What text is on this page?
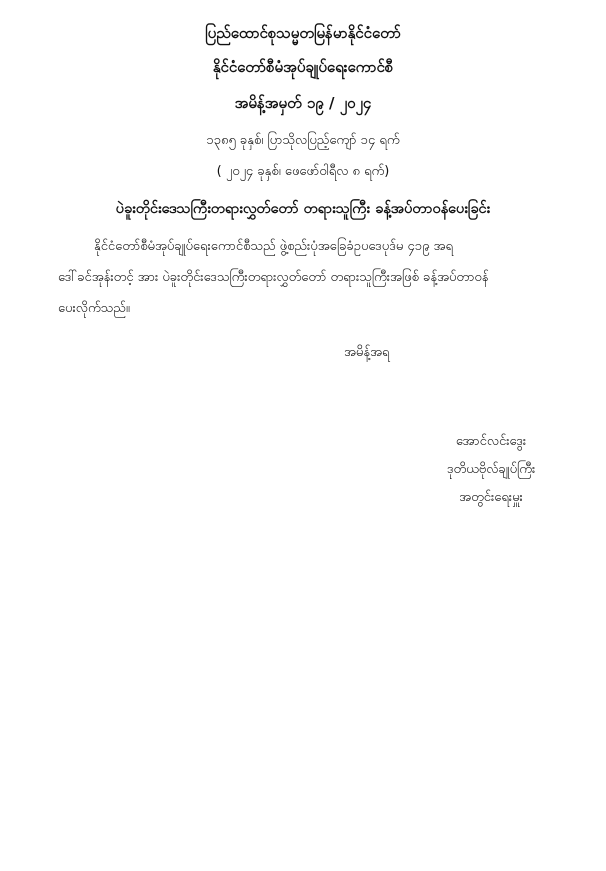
ပြည်ထောင်စုသမ္မတမြန်မာနိုင်ငံတော်
နိုင်ငံတော်စီမံအုပ်ချုပ်ရေးကောင်စီ
အမိန့်အမှတ် ၁၉ / ၂၀၂၄
၁၃၈၅ ခုနှစ်၊ ပြာသိုလပြည့်ကျော် ၁၄ ရက်
( ၂၀၂၄ ခုနှစ်၊ ဖေဖော်ဝါရီလ ၈ ရက်)
ပဲခူးတိုင်းဒေသကြီးတရားလွှတ်တော် တရားသူကြီး ခန့်အပ်တာဝန်ပေးခြင်း
နိုင်ငံတော်စီမံအုပ်ချုပ်ရေးကောင်စီသည် ဖွဲ့စည်းပုံအခြေခံဥပဒေပုဒ်မ ၄၁၉ အရ
ဒေါ်ခင်အုန်းတင့် အား ပဲခူးတိုင်းဒေသကြီးတရားလွှတ်တော် တရားသူကြီးအဖြစ် ခန့်အပ်တာဝန်
ပေးလိုက်သည်။
အမိန့်အရ
အောင်လင်းဒွေး
ဒုတိယဗိုလ်ချုပ်ကြီး
အတွင်းရေးမှူး
